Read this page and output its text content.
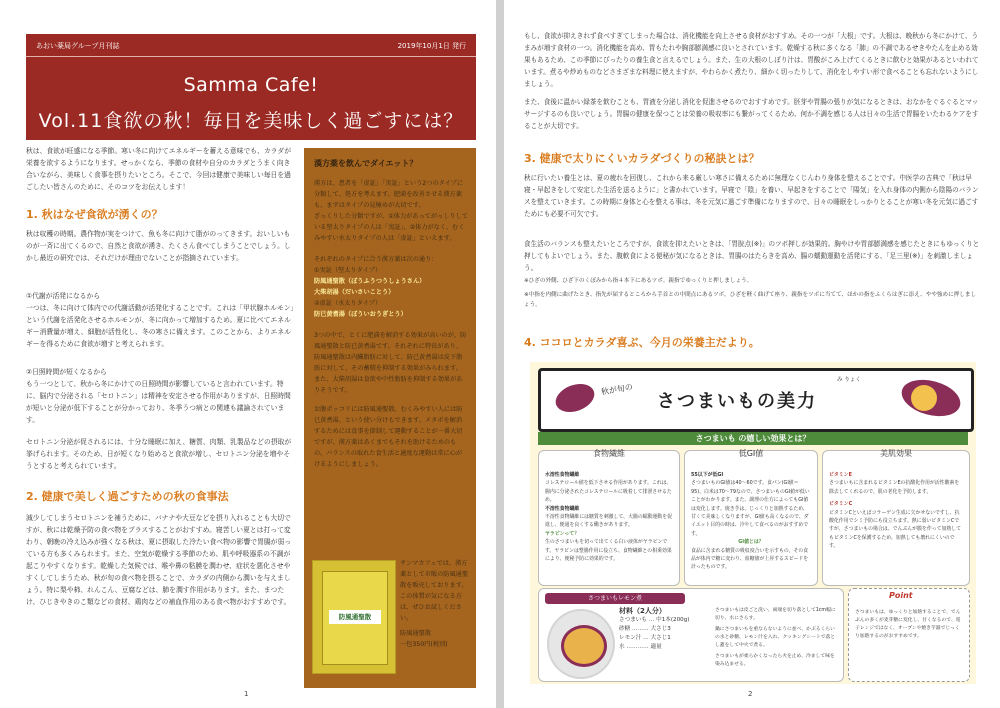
あおい薬局グループ月刊誌	2019年10月1日 発行
Samma Cafe!
Vol.11食欲の秋！毎日を美味しく過ごすには？
秋は、食欲が旺盛になる季節。寒い冬に向けてエネルギーを蓄える意味でも、カラダが栄養を欲するようになります。せっかくなら、季節の食材や自分のカラダとうまく向き合いながら、美味しく食事を摂りたいところ。そこで、今回は健康で美味しい毎日を過ごしたい皆さんのために、そのコツをお伝えします！
1. 秋はなぜ食欲が湧くの？
秋は収穫の時期。農作物が実をつけて、魚も冬に向けて脂がのってきます。おいしいものが一斉に出てくるので、自然と食欲が湧き、たくさん食べてしまうことでしょう。しかし最近の研究では、それだけが理由でないことが指摘されています。
①代謝が活発になるから
一つは、冬に向けて体内での代謝活動が活発化することです。これは「甲状腺ホルモン」という代謝を活発化させるホルモンが、冬に向かって増加するため。夏に比べてエネルギー消費量が増え、細胞が活性化し、冬の寒さに備えます。このことから、よりエネルギーを得るために食欲が増すと考えられます。
②日照時間が短くなるから
もう一つとして、秋から冬にかけての日照時間が影響していると言われています。特に、脳内で分泌される「セロトニン」は精神を安定させる作用がありますが、日照時間が短いと分泌が低下することが分かっており、冬季うつ病との関連も議論されています。
セロトニン分泌が促されるには、十分な睡眠に加え、糖質、肉類、乳製品などの摂取が挙げられます。そのため、日が短くなり始めると食欲が増し、セロトニン分泌を増やそうとすると考えられています。
2. 健康で美しく過ごすための秋の食事法
減少してしまうセロトニンを補うために、バナナや大豆などを摂り入れることも大切ですが、秋には乾燥予防の食べ物をプラスすることがおすすめ。寝苦しい夏とは打って変わり、朝晩の冷え込みが強くなる秋は、夏に摂取した冷たい食べ物の影響で胃腸が弱っている方も多くみられます。また、空気が乾燥する季節のため、肌や呼吸器系の不調が起こりやすくなります。乾燥した気候では、喉や鼻の粘膜を潤わせ、症状を悪化させやすくしてしまうため、秋が旬の食べ物を摂ることで、カラダの内側から潤いを与えましょう。特に梨や柿、れんこん、豆腐などは、肺を潤す作用があります。また、まつたけ、ひじきやきのこ類などの食材、鶏肉などの補血作用のある食べ物がおすすめです。
漢方薬を飲んでダイエット？
漢方は、患者を「虚証」「実証」という2つのタイプに分類して、処方を考えます。肥満を改善させる漢方薬も、まずはタイプの見極めが大切です。
ざっくりした分類ですが、①体力があってがっしりしている堅太りタイプの人は「実証」、②体力がなく、むくみやすい水太りタイプの人は「虚証」といえます。
それぞれのタイプに合う漢方薬は次の通り：
①実証（堅太りタイプ）
防風通聖散（ぼうふうつうしょうさん）
大柴胡湯（だいさいことう）
②虚証（水太りタイプ）
防已黄耆湯（ぼういおうぎとう）
3つの中で、とくに肥満を解消する効果が高いのが、防風通聖散と防已黄耆湯です。それぞれに特長があり、防風通聖散は内臓脂肪に対して、防已黄耆湯は皮下脂肪に対して、その蓄積を抑制する効果がみられます。また、大柴胡湯は食欲や中性脂肪を抑制する効果がありそうです。
お腹ポッコリには防風通聖散、むくみやすい人には防已黄耆湯、という使い分けもできます。メタボを解消するためには食事を節制して運動することが一番大切ですが、漢方薬はあくまでもそれを助けるためのもの。バランスの取れた食生活と適度な運動は常に心がけるようにしましょう。
防風通聖散
サンマカフェでは、漢方薬として市販の防風通聖散を販売しております。この体質が気になる方は、ぜひお試しください。
防風通聖散
一包350円(税別)
1
もし、食欲が抑えきれず食べすぎてしまった場合は、消化機能を向上させる食材がおすすめ。その一つが「大根」です。大根は、晩秋から冬にかけて、うまみが増す食材の一つ。消化機能を高め、胃もたれや胸部膨満感に良いとされています。乾燥する秋に多くなる「肺」の不調であるせきやたんを止める効果もあるため、この季節にぴったりの養生食と言えるでしょう。また、生の大根のしぼり汁は、胃酸がこみ上げてくるときに飲むと効果があるといわれています。煮るや炒めものなどさまざまな料理に使えますが、やわらかく煮たり、細かく切ったりして、消化をしやすい形で食べることも忘れないようにしましょう。
また、食後に温かい緑茶を飲むことも、胃液を分泌し消化を促進させるのでおすすめです。胚芽や胃腸の張りが気になるときは、おなかをぐるぐるとマッサージするのも良いでしょう。胃腸の健康を保つことは栄養の吸収率にも繋がってくるため、何か不調を感じる人は日々の生活で胃腸をいたわるケアをすることが大切です。
3. 健康で太りにくいカラダづくりの秘訣とは？
秋に行いたい養生とは、夏の疲れを回復し、これから来る厳しい寒さに備えるために無理なくじんわり身体を整えることです。中医学の古典で「秋は早寝・早起きをして安定した生活を送るように」と書かれています。早寝で「陰」を養い、早起きをすることで「陽気」を入れ身体の内側から陰陽のバランスを整えていきます。この時期に身体と心を整える事は、冬を元気に過ごす準備になりますので、日々の睡眠をしっかりとることが寒い冬を元気に過ごすためにも必要不可欠です。
食生活のバランスも整えたいところですが、食欲を抑えたいときは、「胃脘点(※)」のツボ押しが効果的。胸やけや胃部膨満感を感じたときにもゆっくりと押してもよいでしょう。また、腹軟食による便秘が気になるときは、胃腸のはたらきを高め、腸の蠕動運動を活発にする、「足三里(※)」を刺激しましょう。
※ひざの外側、ひざ下のくぼみから指４本下にあるツボ。親指でゆっくりと押しましょう。
※中指を内側に曲げたとき、指先が届するところから手首との中間点にあるツボ。ひざを軽く曲げて座り、親指をツボに当てて、ほかの指をふくらはぎに添え、やや強めに押しましょう。
4. ココロとカラダ喜ぶ、今月の栄養主だより。
秋が旬の
み りょく
さつまいもの美力
さつまいも の嬉しい効果とは？
食物繊維
水溶性食物繊維
コレステロール値を低下させる作用があります。これは、腸内に分泌されたコレステロールに吸着して排泄させるため。
不溶性食物繊維
不溶性食物繊維には糖質を刺激して、大腸の蠕動運動を促進し、便通を良くする働きがあります。
ヤラピンって？
生のさつまいもを切って出てくる白い液体がヤラピンです。ヤラピンは整腸作用に役立ち、食物繊維との相乗効果により、便秘予防に効果的です。
低GI値
55以下が低GI
さつまいものGI値は40〜60です。食パン(GI値＝95)、白米は70〜79なので、さつまいものGI値が低いことがわかります。また、調理の仕方によってもGI値は変化します。焼き芋は、じっくりと加熱するため、甘くて美味しくなりますが、GI値も高くなるので、ダイエット目的の時は、冷やして食べるのがおすすめです。
GI値とは？
食品に含まれる糖質の吸収度合いを示すもの。その食品が体内で糖に変わり、血糖値が上昇するスピードを計ったものです。
美肌効果
ビタミンE
さつまいもに含まれるビタミンEの抗酸化作用が活性酸素を除去してくれるので、肌の老化を予防します。
ビタミンC
ビタミンCといえばコラーゲン生成に欠かせないですし、抗酸化作用でシミ予防にも役立ちます。熱に弱いビタミンCですが、さつまいもの場合は、でんぷんが膜を作って加熱してもビタミンCを保護するため、加熱しても壊れにくいのです。
さつまいもレモン煮
材料（2人分）
さつまいも … 中1本(200g)
砂糖 ……… 大さじ3
レモン汁 … 大さじ1
水 ………… 適量
さつまいもは皮ごと洗い、両端を切り落として1cm幅に切り、水にさらす。
鍋にさつまいもを重ならないように並べ、かぶるくらいの水と砂糖、レモン汁を入れ、クッキングシートで落とし蓋をして中火で煮る。
さつまいもが柔らかくなったら火を止め、冷まして味を染み込ませる。
Point
さつまいもは、ゆっくりと加熱することで、でんぷんの多くが麦芽糖に変化し、甘くなるので、電子レンジではなく、オーブンや焼き芋器でじっくり加熱するのがおすすめです。
2
